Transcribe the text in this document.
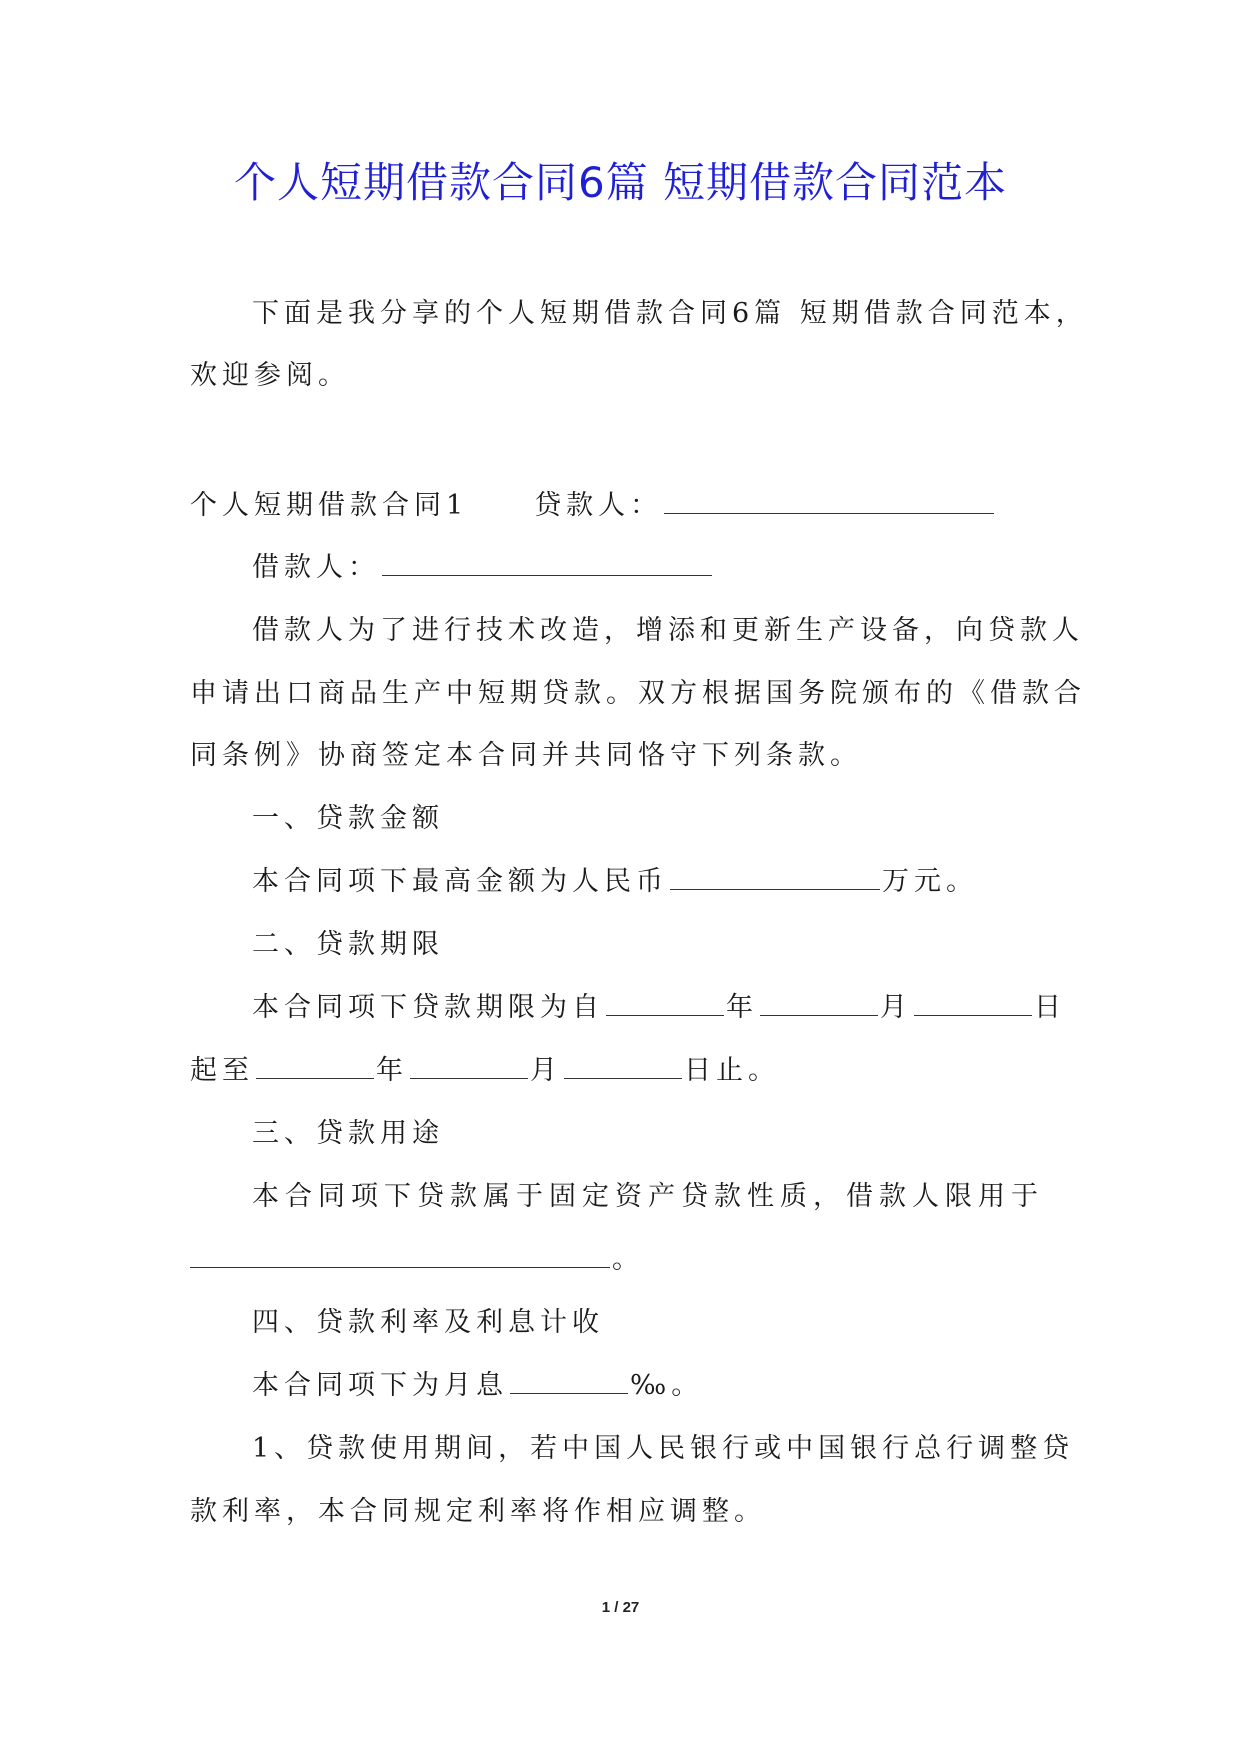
个人短期借款合同6篇 短期借款合同范本
下面是我分享的个人短期借款合同6篇 短期借款合同范本，
欢迎参阅。
个人短期借款合同1 贷款人：
借款人：
借款人为了进行技术改造，增添和更新生产设备，向贷款人
申请出口商品生产中短期贷款。双方根据国务院颁布的《借款合
同条例》协商签定本合同并共同恪守下列条款。
一、贷款金额
本合同项下最高金额为人民币	万元。
二、贷款期限
本合同项下贷款期限为自	年	月	日
起至	年	月	日止。
三、贷款用途
本合同项下贷款属于固定资产贷款性质，借款人限用于
。
四、贷款利率及利息计收
本合同项下为月息	‰。
1、贷款使用期间，若中国人民银行或中国银行总行调整贷
款利率，本合同规定利率将作相应调整。
1 / 27
